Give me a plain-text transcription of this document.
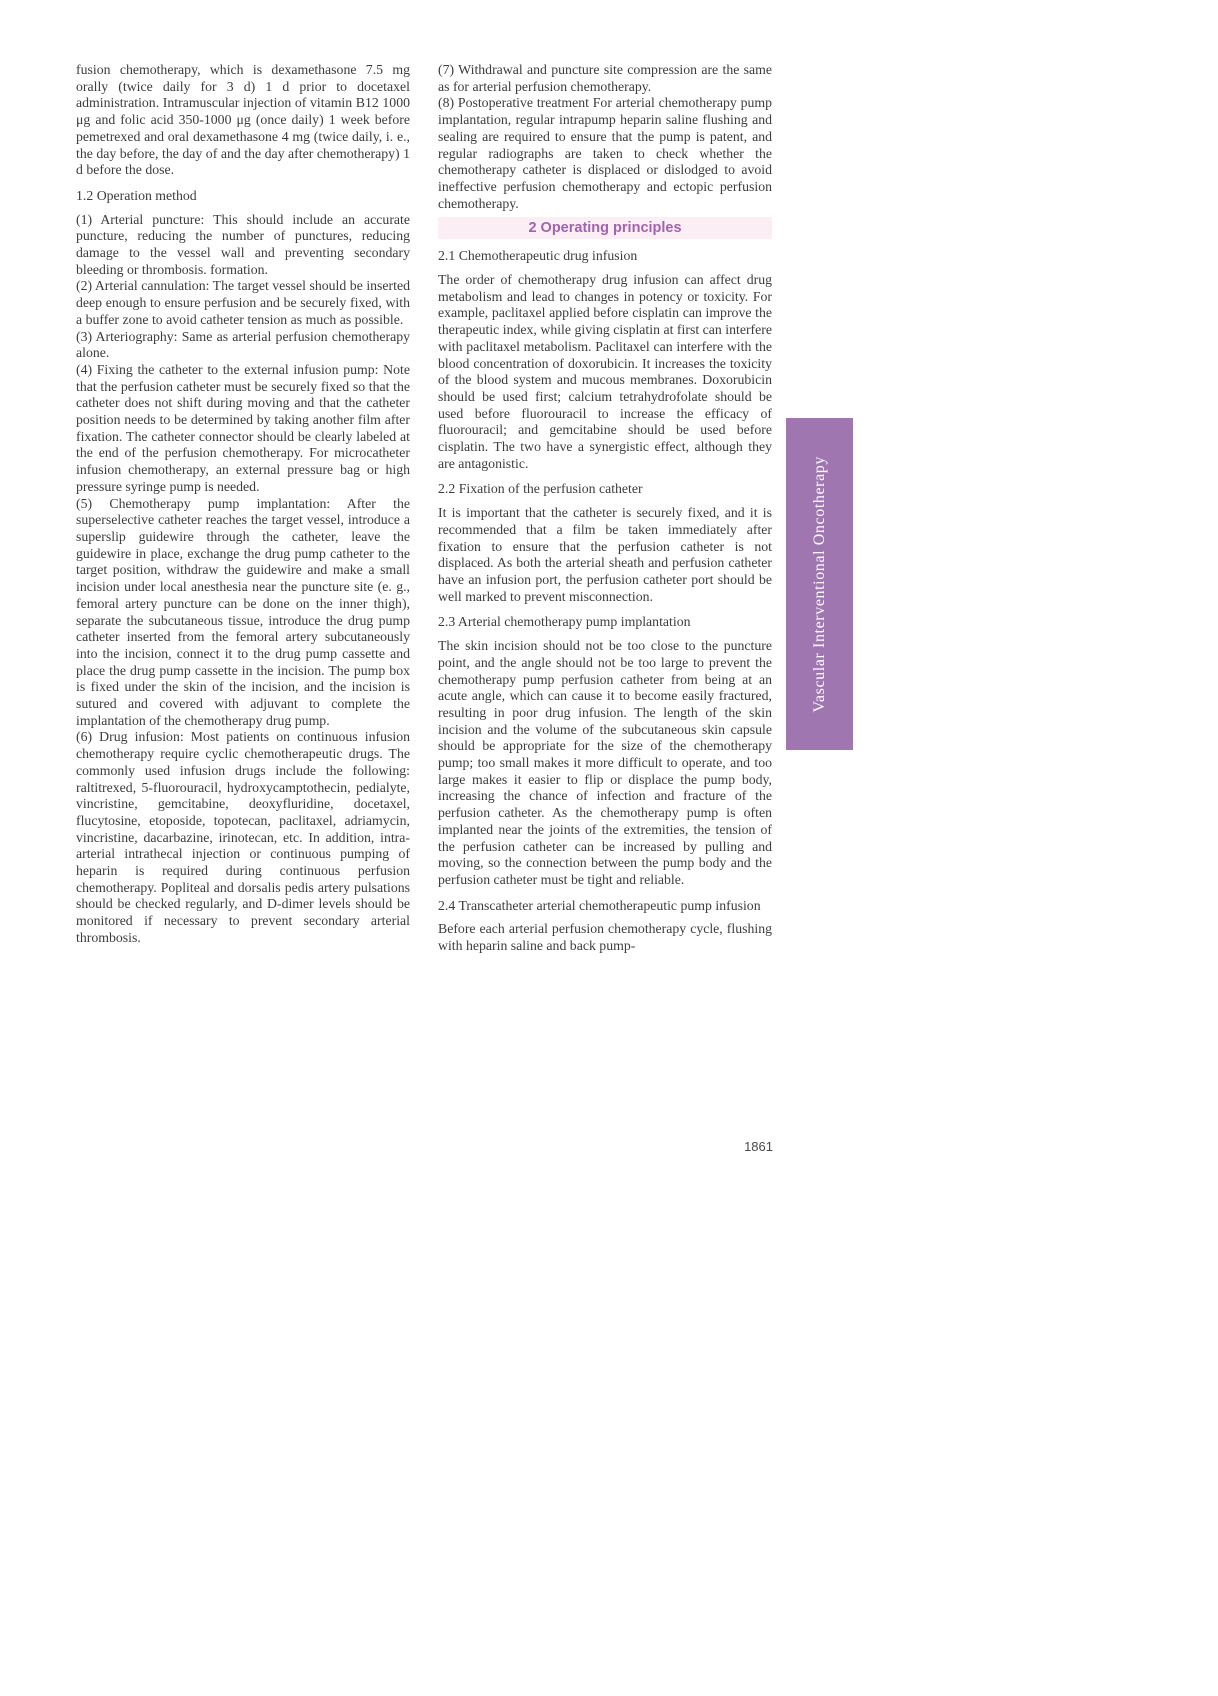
fusion chemotherapy, which is dexamethasone 7.5 mg orally (twice daily for 3 d) 1 d prior to docetaxel administration. Intramuscular injection of vitamin B12 1000 μg and folic acid 350-1000 μg (once daily) 1 week before pemetrexed and oral dexamethasone 4 mg (twice daily, i. e., the day before, the day of and the day after chemotherapy) 1 d before the dose.

1.2 Operation method

(1) Arterial puncture: This should include an accurate puncture, reducing the number of punctures, reducing damage to the vessel wall and preventing secondary bleeding or thrombosis. formation.

(2) Arterial cannulation: The target vessel should be inserted deep enough to ensure perfusion and be securely fixed, with a buffer zone to avoid catheter tension as much as possible.

(3) Arteriography: Same as arterial perfusion chemotherapy alone.

(4) Fixing the catheter to the external infusion pump: Note that the perfusion catheter must be securely fixed so that the catheter does not shift during moving and that the catheter position needs to be determined by taking another film after fixation. The catheter connector should be clearly labeled at the end of the perfusion chemotherapy. For microcatheter infusion chemotherapy, an external pressure bag or high pressure syringe pump is needed.

(5) Chemotherapy pump implantation: After the superselective catheter reaches the target vessel, introduce a superslip guidewire through the catheter, leave the guidewire in place, exchange the drug pump catheter to the target position, withdraw the guidewire and make a small incision under local anesthesia near the puncture site (e. g., femoral artery puncture can be done on the inner thigh), separate the subcutaneous tissue, introduce the drug pump catheter inserted from the femoral artery subcutaneously into the incision, connect it to the drug pump cassette and place the drug pump cassette in the incision. The pump box is fixed under the skin of the incision, and the incision is sutured and covered with adjuvant to complete the implantation of the chemotherapy drug pump.

(6) Drug infusion: Most patients on continuous infusion chemotherapy require cyclic chemotherapeutic drugs. The commonly used infusion drugs include the following: raltitrexed, 5-fluorouracil, hydroxycamptothecin, pedialyte, vincristine, gemcitabine, deoxyfluridine, docetaxel, flucytosine, etoposide, topotecan, paclitaxel, adriamycin, vincristine, dacarbazine, irinotecan, etc. In addition, intra-arterial intrathecal injection or continuous pumping of heparin is required during continuous perfusion chemotherapy. Popliteal and dorsalis pedis artery pulsations should be checked regularly, and D-dimer levels should be monitored if necessary to prevent secondary arterial thrombosis.

(7) Withdrawal and puncture site compression are the same as for arterial perfusion chemotherapy.

(8) Postoperative treatment For arterial chemotherapy pump implantation, regular intrapump heparin saline flushing and sealing are required to ensure that the pump is patent, and regular radiographs are taken to check whether the chemotherapy catheter is displaced or dislodged to avoid ineffective perfusion chemotherapy and ectopic perfusion chemotherapy.

2 Operating principles

2.1 Chemotherapeutic drug infusion

The order of chemotherapy drug infusion can affect drug metabolism and lead to changes in potency or toxicity. For example, paclitaxel applied before cisplatin can improve the therapeutic index, while giving cisplatin at first can interfere with paclitaxel metabolism. Paclitaxel can interfere with the blood concentration of doxorubicin. It increases the toxicity of the blood system and mucous membranes. Doxorubicin should be used first; calcium tetrahydrofolate should be used before fluorouracil to increase the efficacy of fluorouracil; and gemcitabine should be used before cisplatin. The two have a synergistic effect, although they are antagonistic.

2.2 Fixation of the perfusion catheter

It is important that the catheter is securely fixed, and it is recommended that a film be taken immediately after fixation to ensure that the perfusion catheter is not displaced. As both the arterial sheath and perfusion catheter have an infusion port, the perfusion catheter port should be well marked to prevent misconnection.

2.3 Arterial chemotherapy pump implantation

The skin incision should not be too close to the puncture point, and the angle should not be too large to prevent the chemotherapy pump perfusion catheter from being at an acute angle, which can cause it to become easily fractured, resulting in poor drug infusion. The length of the skin incision and the volume of the subcutaneous skin capsule should be appropriate for the size of the chemotherapy pump; too small makes it more difficult to operate, and too large makes it easier to flip or displace the pump body, increasing the chance of infection and fracture of the perfusion catheter. As the chemotherapy pump is often implanted near the joints of the extremities, the tension of the perfusion catheter can be increased by pulling and moving, so the connection between the pump body and the perfusion catheter must be tight and reliable.

2.4 Transcatheter arterial chemotherapeutic pump infusion

Before each arterial perfusion chemotherapy cycle, flushing with heparin saline and back pump-

Vascular Interventional Oncotherapy
1861
